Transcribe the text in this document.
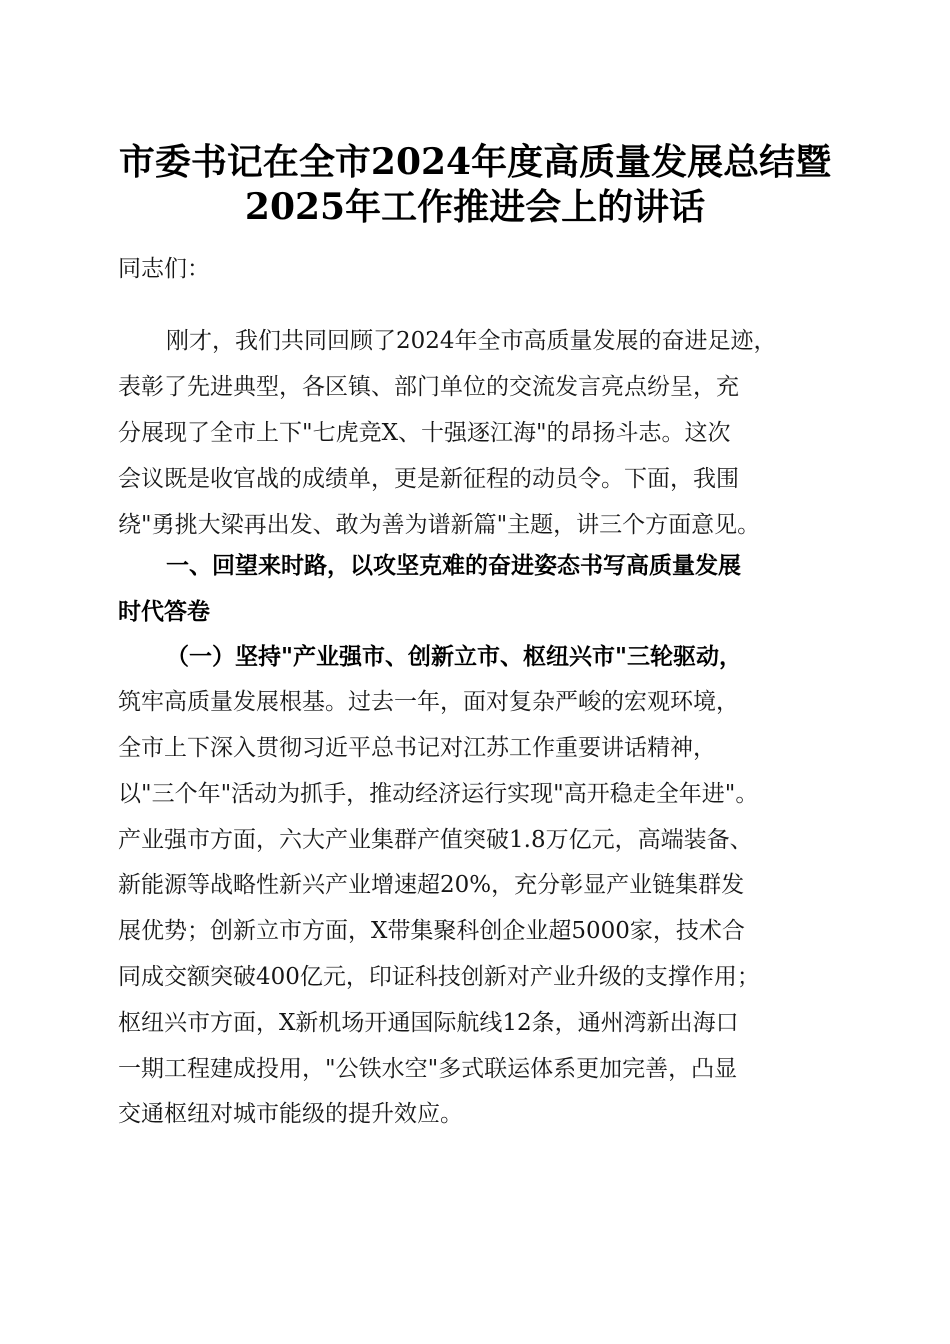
市委书记在全市2024年度高质量发展总结暨
2025年工作推进会上的讲话
同志们：
刚才，我们共同回顾了2024年全市高质量发展的奋进足迹，
表彰了先进典型，各区镇、部门单位的交流发言亮点纷呈，充
分展现了全市上下"七虎竞X、十强逐江海"的昂扬斗志。这次
会议既是收官战的成绩单，更是新征程的动员令。下面，我围
绕"勇挑大梁再出发、敢为善为谱新篇"主题，讲三个方面意见。
一、回望来时路，以攻坚克难的奋进姿态书写高质量发展
时代答卷
（一）坚持"产业强市、创新立市、枢纽兴市"三轮驱动，
筑牢高质量发展根基。过去一年，面对复杂严峻的宏观环境，
全市上下深入贯彻习近平总书记对江苏工作重要讲话精神，
以"三个年"活动为抓手，推动经济运行实现"高开稳走全年进"。
产业强市方面，六大产业集群产值突破1.8万亿元，高端装备、
新能源等战略性新兴产业增速超20%，充分彰显产业链集群发
展优势；创新立市方面，X带集聚科创企业超5000家，技术合
同成交额突破400亿元，印证科技创新对产业升级的支撑作用；
枢纽兴市方面，X新机场开通国际航线12条，通州湾新出海口
一期工程建成投用，"公铁水空"多式联运体系更加完善，凸显
交通枢纽对城市能级的提升效应。
